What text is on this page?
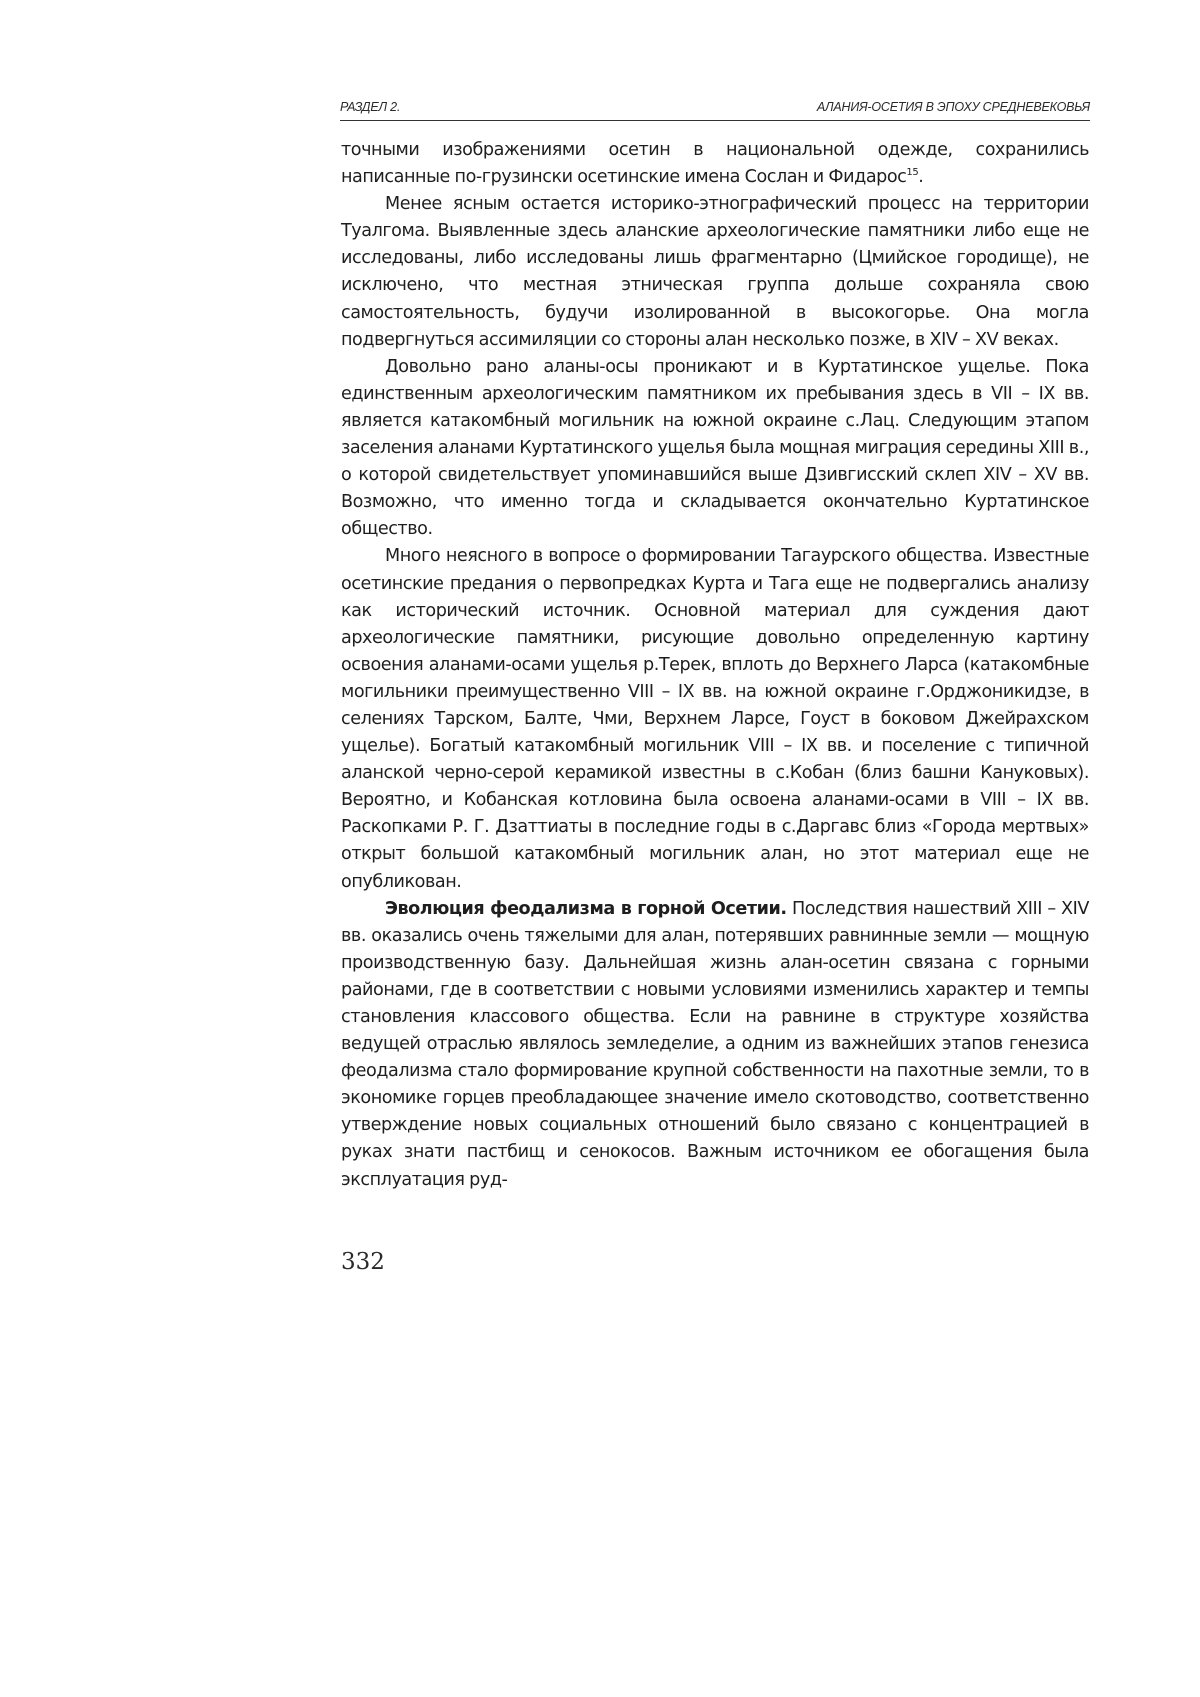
РАЗДЕЛ 2.	АЛАНИЯ-ОСЕТИЯ В ЭПОХУ СРЕДНЕВЕКОВЬЯ

точными изображениями осетин в национальной одежде, сохранились написанные по-грузински осетинские имена Сослан и Фидарос15.

Менее ясным остается историко-этнографический процесс на территории Туалгома. Выявленные здесь аланские археологические памятники либо еще не исследованы, либо исследованы лишь фрагментарно (Цмийское городище), не исключено, что местная этническая группа дольше сохраняла свою самостоятельность, будучи изолированной в высокогорье. Она могла подвергнуться ассимиляции со стороны алан несколько позже, в XIV – XV веках.

Довольно рано аланы-осы проникают и в Куртатинское ущелье. Пока единственным археологическим памятником их пребывания здесь в VII – IX вв. является катакомбный могильник на южной окраине с.Лац. Следующим этапом заселения аланами Куртатинского ущелья была мощная миграция середины XIII в., о которой свидетельствует упоминавшийся выше Дзивгисский склеп XIV – XV вв. Возможно, что именно тогда и складывается окончательно Куртатинское общество.

Много неясного в вопросе о формировании Тагаурского общества. Известные осетинские предания о первопредках Курта и Тага еще не подвергались анализу как исторический источник. Основной материал для суждения дают археологические памятники, рисующие довольно определенную картину освоения аланами-осами ущелья р.Терек, вплоть до Верхнего Ларса (катакомбные могильники преимущественно VIII – IX вв. на южной окраине г.Орджоникидзе, в селениях Тарском, Балте, Чми, Верхнем Ларсе, Гоуст в боковом Джейрахском ущелье). Богатый катакомбный могильник VIII – IX вв. и поселение с типичной аланской черно-серой керамикой известны в с.Кобан (близ башни Кануковых). Вероятно, и Кобанская котловина была освоена аланами-осами в VIII – IX вв. Раскопками Р. Г. Дзаттиаты в последние годы в с.Даргавс близ «Города мертвых» открыт большой катакомбный могильник алан, но этот материал еще не опубликован.

Эволюция феодализма в горной Осетии. Последствия нашествий XIII – XIV вв. оказались очень тяжелыми для алан, потерявших равнинные земли — мощную производственную базу. Дальнейшая жизнь алан-осетин связана с горными районами, где в соответствии с новыми условиями изменились характер и темпы становления классового общества. Если на равнине в структуре хозяйства ведущей отраслью являлось земледелие, а одним из важнейших этапов генезиса феодализма стало формирование крупной собственности на пахотные земли, то в экономике горцев преобладающее значение имело скотоводство, соответственно утверждение новых социальных отношений было связано с концентрацией в руках знати пастбищ и сенокосов. Важным источником ее обогащения была эксплуатация руд-

332
